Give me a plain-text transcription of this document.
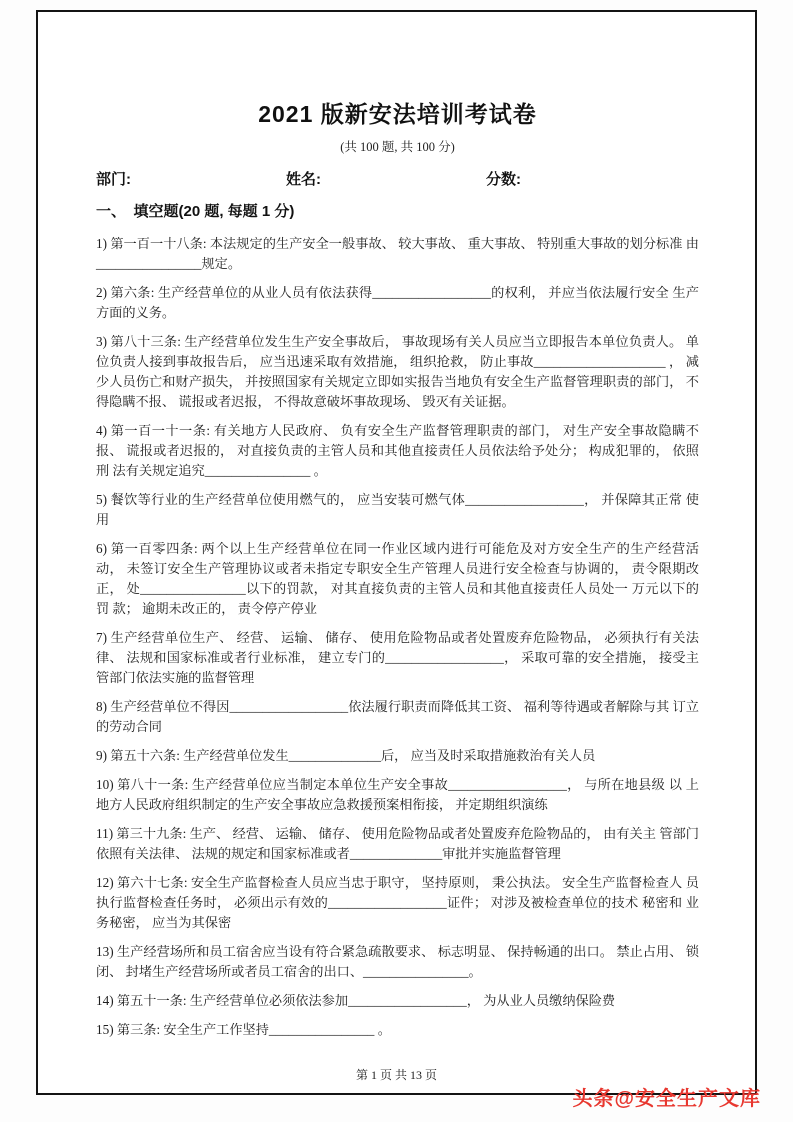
2021 版新安法培训考试卷
(共 100 题, 共 100 分)
部门:	姓名:	分数:
一、　填空题(20 题, 每题 1 分)

1) 第一百一十八条: 本法规定的生产安全一般事故、 较大事故、 重大事故、 特别重大事故的划分标准 由________________规定。

2) 第六条: 生产经营单位的从业人员有依法获得__________________的权利， 并应当依法履行安全 生产方面的义务。

3) 第八十三条: 生产经营单位发生生产安全事故后， 事故现场有关人员应当立即报告本单位负责人。 单位负责人接到事故报告后， 应当迅速采取有效措施， 组织抢救， 防止事故____________________ ， 减少人员伤亡和财产损失， 并按照国家有关规定立即如实报告当地负有安全生产监督管理职责的部门， 不得隐瞒不报、 谎报或者迟报， 不得故意破坏事故现场、 毁灭有关证据。

4) 第一百一十一条: 有关地方人民政府、 负有安全生产监督管理职责的部门， 对生产安全事故隐瞒不 报、 谎报或者迟报的， 对直接负责的主管人员和其他直接责任人员依法给予处分； 构成犯罪的， 依照刑 法有关规定追究________________ 。

5) 餐饮等行业的生产经营单位使用燃气的， 应当安装可燃气体__________________， 并保障其正常 使用

6) 第一百零四条: 两个以上生产经营单位在同一作业区域内进行可能危及对方安全生产的生产经营活 动， 未签订安全生产管理协议或者未指定专职安全生产管理人员进行安全检查与协调的， 责令限期改正， 处________________以下的罚款， 对其直接负责的主管人员和其他直接责任人员处一 万元以下的罚 款； 逾期未改正的， 责令停产停业

7) 生产经营单位生产、 经营、 运输、 储存、 使用危险物品或者处置废弃危险物品， 必须执行有关法 律、 法规和国家标准或者行业标准， 建立专门的__________________， 采取可靠的安全措施， 接受主 管部门依法实施的监督管理

8) 生产经营单位不得因__________________依法履行职责而降低其工资、 福利等待遇或者解除与其 订立的劳动合同

9) 第五十六条: 生产经营单位发生______________后， 应当及时采取措施救治有关人员

10) 第八十一条: 生产经营单位应当制定本单位生产安全事故__________________， 与所在地县级 以 上地方人民政府组织制定的生产安全事故应急救援预案相衔接， 并定期组织演练

11) 第三十九条: 生产、 经营、 运输、 储存、 使用危险物品或者处置废弃危险物品的， 由有关主 管部门 依照有关法律、 法规的规定和国家标准或者______________审批并实施监督管理

12) 第六十七条: 安全生产监督检查人员应当忠于职守， 坚持原则， 秉公执法。 安全生产监督检查人 员执行监督检查任务时， 必须出示有效的__________________证件； 对涉及被检查单位的技术 秘密和 业务秘密， 应当为其保密

13) 生产经营场所和员工宿舍应当设有符合紧急疏散要求、 标志明显、 保持畅通的出口。 禁止占用、 锁 闭、 封堵生产经营场所或者员工宿舍的出口、________________。

14) 第五十一条: 生产经营单位必须依法参加__________________， 为从业人员缴纳保险费

15) 第三条: 安全生产工作坚持________________ 。

第 1 页 共 13 页
头条@安全生产文库
